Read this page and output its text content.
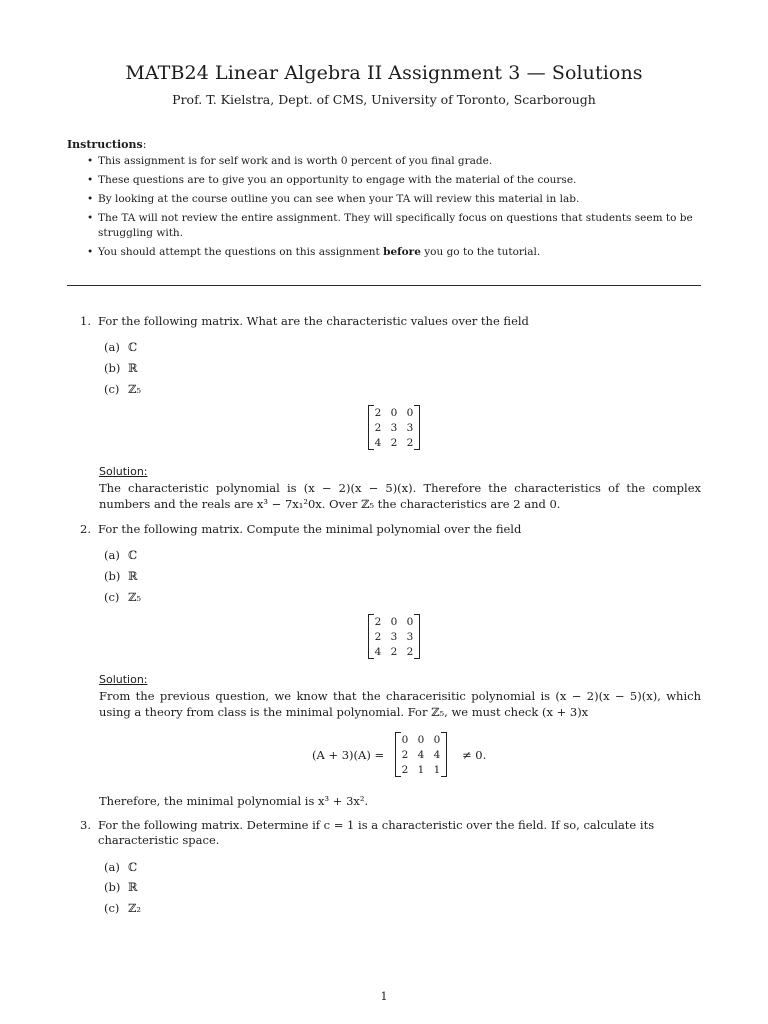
MATB24 Linear Algebra II Assignment 3 — Solutions
Prof. T. Kielstra, Dept. of CMS, University of Toronto, Scarborough
Instructions:
• This assignment is for self work and is worth 0 percent of you final grade.
• These questions are to give you an opportunity to engage with the material of the course.
• By looking at the course outline you can see when your TA will review this material in lab.
• The TA will not review the entire assignment. They will specifically focus on questions that students seem to be struggling with.
• You should attempt the questions on this assignment before you go to the tutorial.
1. For the following matrix. What are the characteristic values over the field
(a) ℂ
(b) ℝ
(c) ℤ₅
2	0	0
2	3	3
4	2	2
Solution:
The characteristic polynomial is (x − 2)(x − 5)(x). Therefore the characteristics of the complex numbers and the reals are x³ − 7x₁²0x. Over ℤ₅ the characteristics are 2 and 0.
2. For the following matrix. Compute the minimal polynomial over the field
(a) ℂ
(b) ℝ
(c) ℤ₅
2	0	0
2	3	3
4	2	2
Solution:
From the previous question, we know that the characerisitic polynomial is (x − 2)(x − 5)(x), which using a theory from class is the minimal polynomial. For ℤ₅, we must check (x + 3)x
(A + 3)(A) =
0	0	0
2	4	4
2	1	1
≠ 0.
Therefore, the minimal polynomial is x³ + 3x².
3. For the following matrix. Determine if c = 1 is a characteristic over the field. If so, calculate its characteristic space.
(a) ℂ
(b) ℝ
(c) ℤ₂
1
